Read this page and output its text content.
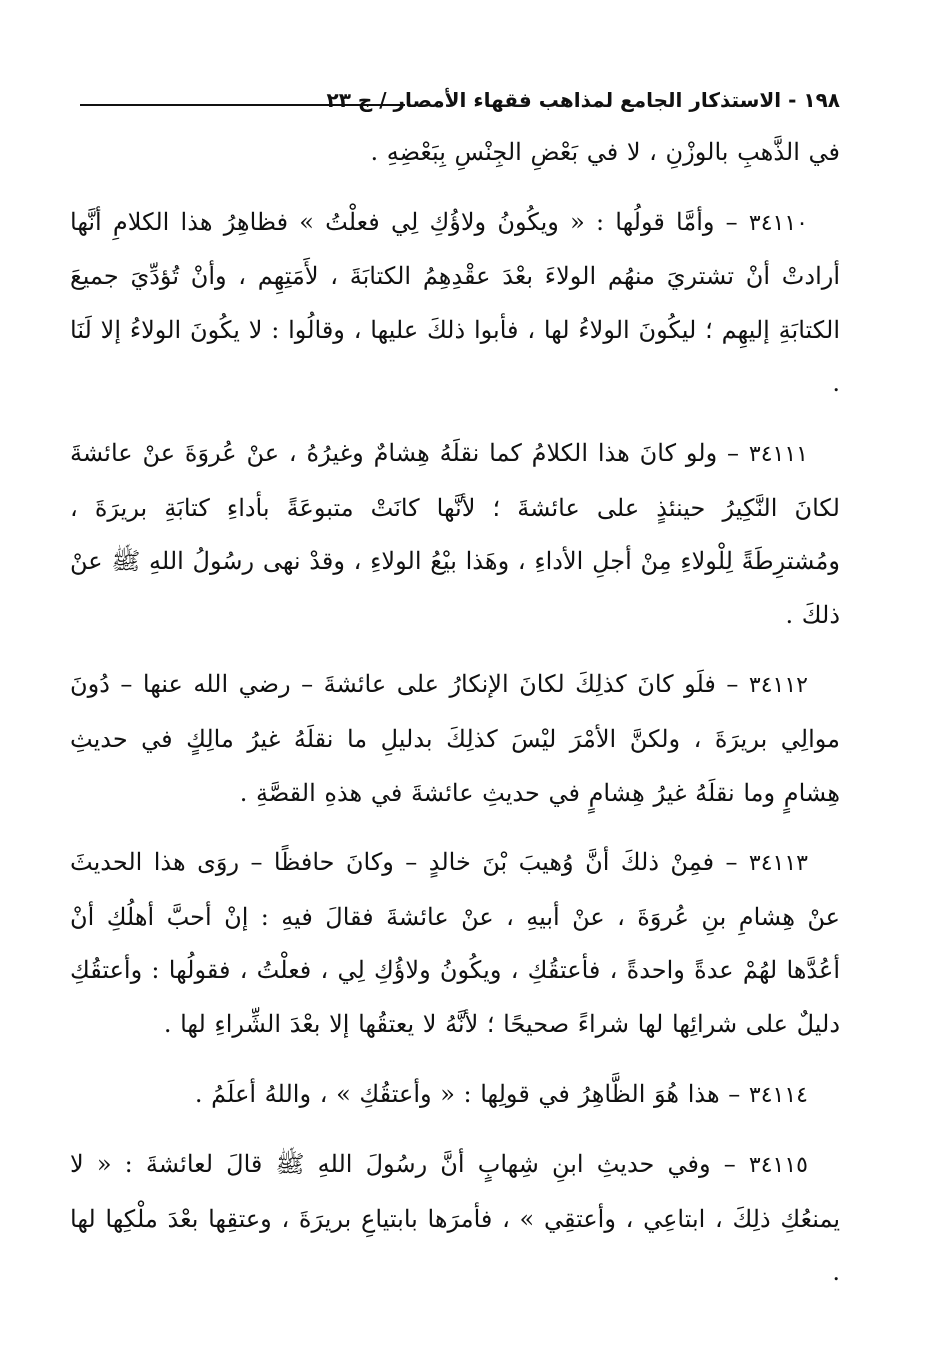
١٩٨ - الاستذكار الجامع لمذاهب فقهاء الأمصار / ج ٢٣

في الذَّهبِ بالوزْنِ ، لا في بَعْضِ الجِنْسِ بِبَعْضِهِ .

٣٤١١٠ – وأمَّا قولُها : « ويكُونُ ولاؤُكِ لِي فعلْتُ » فظاهِرُ هذا الكلامِ أنَّها أرادتْ أنْ تشتريَ منهُم الولاءَ بعْدَ عقْدِهِمُ الكتابَةَ ، لأَمَتِهِم ، وأنْ تُؤدِّيَ جميعَ الكتابَةِ إليهِم ؛ ليكُونَ الولاءُ لها ، فأبوا ذلكَ عليها ، وقالُوا : لا يكُونَ الولاءُ إلا لَنَا .

٣٤١١١ – ولو كانَ هذا الكلامُ كما نقلَهُ هِشامٌ وغيرُهُ ، عنْ عُروَةَ عنْ عائشةَ لكانَ النَّكِيرُ حينئذٍ على عائشةَ ؛ لأنَّها كانَتْ متبوعَةً بأداءِ كتابَةِ بريرَةَ ، ومُشترِطَةً لِلْولاءِ مِنْ أجلِ الأداءِ ، وهَذا بيْعُ الولاءِ ، وقدْ نهى رسُولُ اللهِ ﷺ عنْ ذلكَ .

٣٤١١٢ – فلَو كانَ كذلِكَ لكانَ الإنكارُ على عائشةَ – رضي الله عنها – دُونَ موالِي بريرَةَ ، ولكنَّ الأمْرَ ليْسَ كذلِكَ بدليلِ ما نقلَهُ غيرُ مالِكٍ في حديثِ هِشامٍ وما نقلَهُ غيرُ هِشامٍ في حديثِ عائشةَ في هذهِ القصَّةِ .

٣٤١١٣ – فمِنْ ذلكَ أنَّ وُهيبَ بْنَ خالدٍ – وكانَ حافظًا – روَى هذا الحديثَ عنْ هِشامِ بنِ عُروَةَ ، عنْ أبيهِ ، عنْ عائشةَ فقالَ فيهِ : إنْ أحبَّ أهلُكِ أنْ أعُدَّها لهُمْ عدةً واحدةً ، فأعتقُكِ ، ويكُونُ ولاؤُكِ لِي ، فعلْتُ ، فقولُها : وأعتقُكِ دليلٌ على شرائِها لها شراءً صحيحًا ؛ لأنَّهُ لا يعتقُها إلا بعْدَ الشِّراءِ لها .

٣٤١١٤ – هذا هُوَ الظَّاهِرُ في قولِها : « وأعتقُكِ » ، واللهُ أعلَمُ .

٣٤١١٥ – وفي حديثِ ابنِ شِهابٍ أنَّ رسُولَ اللهِ ﷺ قالَ لعائشةَ : « لا يمنعُكِ ذلِكَ ، ابتاعِي ، وأعتقِي » ، فأمرَها بابتياعِ بريرَةَ ، وعتقِها بعْدَ ملْكِها لها .
